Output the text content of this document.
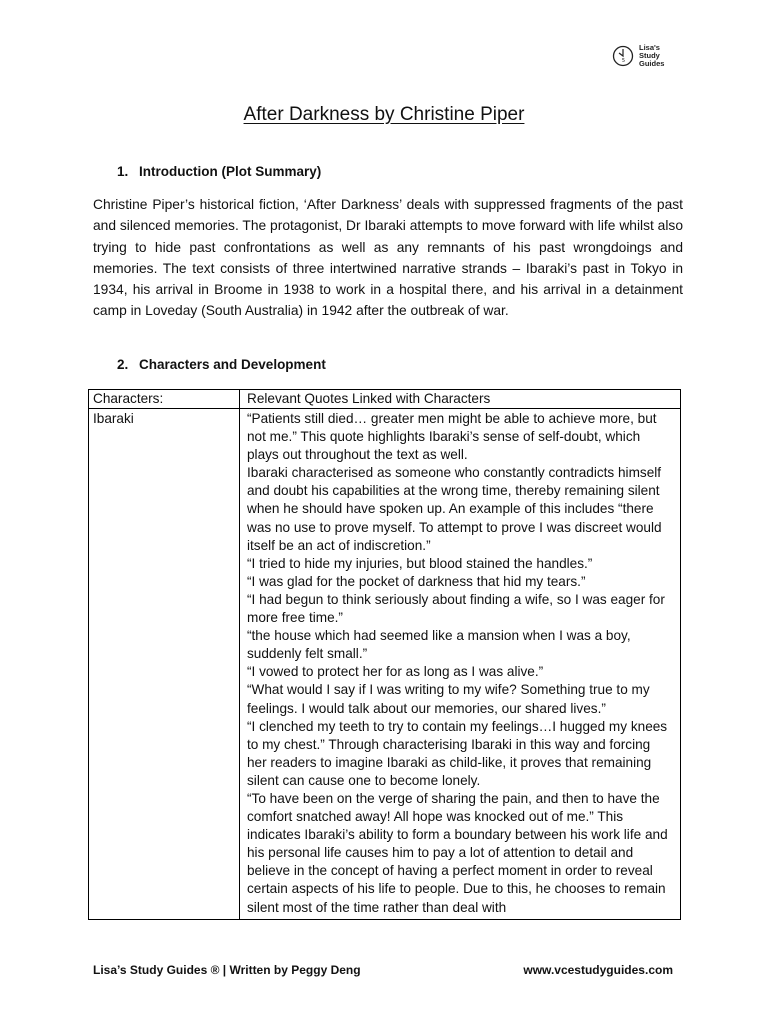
5
Lisa's
Study
Guides
After Darkness by Christine Piper
1. Introduction (Plot Summary)
Christine Piper’s historical fiction, ‘After Darkness’ deals with suppressed fragments of the past and silenced memories. The protagonist, Dr Ibaraki attempts to move forward with life whilst also trying to hide past confrontations as well as any remnants of his past wrongdoings and memories. The text consists of three intertwined narrative strands – Ibaraki’s past in Tokyo in 1934, his arrival in Broome in 1938 to work in a hospital there, and his arrival in a detainment camp in Loveday (South Australia) in 1942 after the outbreak of war.
2. Characters and Development
Characters:	Relevant Quotes Linked with Characters
Ibaraki	“Patients still died… greater men might be able to achieve more, but not me.” This quote highlights Ibaraki’s sense of self-doubt, which plays out throughout the text as well.
Ibaraki characterised as someone who constantly contradicts himself and doubt his capabilities at the wrong time, thereby remaining silent when he should have spoken up. An example of this includes “there was no use to prove myself. To attempt to prove I was discreet would itself be an act of indiscretion.”
“I tried to hide my injuries, but blood stained the handles.”
“I was glad for the pocket of darkness that hid my tears.”
“I had begun to think seriously about finding a wife, so I was eager for more free time.”
“the house which had seemed like a mansion when I was a boy, suddenly felt small.”
“I vowed to protect her for as long as I was alive.”
“What would I say if I was writing to my wife? Something true to my feelings. I would talk about our memories, our shared lives.”
“I clenched my teeth to try to contain my feelings…I hugged my knees to my chest.” Through characterising Ibaraki in this way and forcing her readers to imagine Ibaraki as child-like, it proves that remaining silent can cause one to become lonely.
“To have been on the verge of sharing the pain, and then to have the comfort snatched away! All hope was knocked out of me.” This indicates Ibaraki’s ability to form a boundary between his work life and his personal life causes him to pay a lot of attention to detail and believe in the concept of having a perfect moment in order to reveal certain aspects of his life to people. Due to this, he chooses to remain silent most of the time rather than deal with
Lisa’s Study Guides ® | Written by Peggy Deng	www.vcestudyguides.com
